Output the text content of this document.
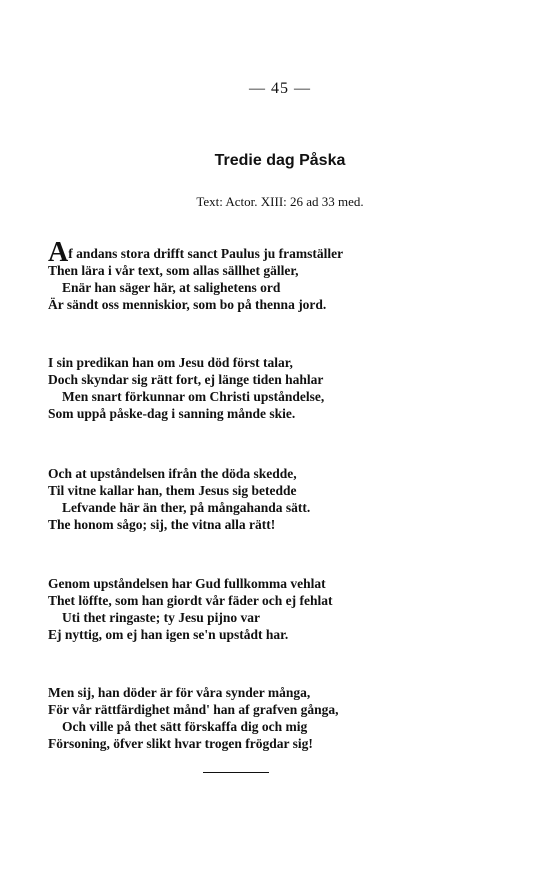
— 45 —
Tredie dag Påska
Text: Actor. XIII: 26 ad 33 med.
Af andans stora drifft sanct Paulus ju framställer
Then lära i vår text, som allas sällhet gäller,
Enär han säger här, at salighetens ord
Är sändt oss menniskior, som bo på thenna jord.
I sin predikan han om Jesu död först talar,
Doch skyndar sig rätt fort, ej länge tiden hahlar
Men snart förkunnar om Christi upståndelse,
Som uppå påske-dag i sanning månde skie.
Och at upståndelsen ifrån the döda skedde,
Til vitne kallar han, them Jesus sig betedde
Lefvande här än ther, på mångahanda sätt.
The honom sågo; sij, the vitna alla rätt!
Genom upståndelsen har Gud fullkomma vehlat
Thet löffte, som han giordt vår fäder och ej fehlat
Uti thet ringaste; ty Jesu pijno var
Ej nyttig, om ej han igen se'n upstådt har.
Men sij, han döder är för våra synder många,
För vår rättfärdighet månd' han af grafven gånga,
Och ville på thet sätt förskaffa dig och mig
Försoning, öfver slikt hvar trogen frögdar sig!
